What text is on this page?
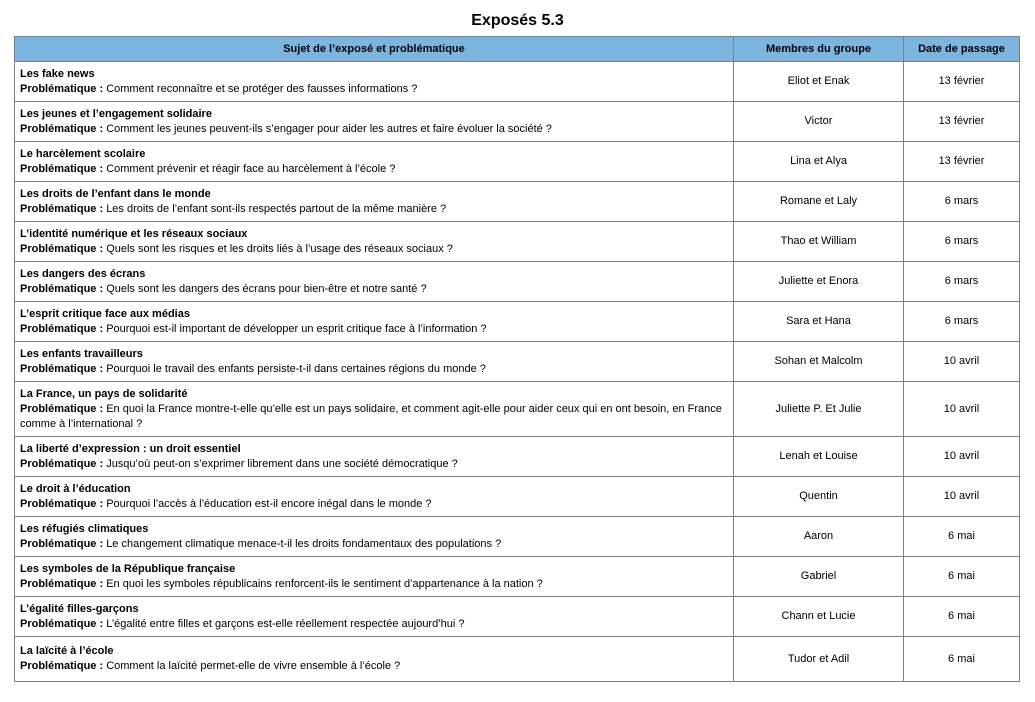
Exposés 5.3
Sujet de l’exposé et problématique	Membres du groupe	Date de passage

Les fake news
Problématique : Comment reconnaître et se protéger des fausses informations ?	Eliot et Enak	13 février

Les jeunes et l’engagement solidaire
Problématique : Comment les jeunes peuvent-ils s’engager pour aider les autres et faire évoluer la société ?	Victor	13 février

Le harcèlement scolaire
Problématique : Comment prévenir et réagir face au harcèlement à l’école ?	Lina et Alya	13 février

Les droits de l’enfant dans le monde
Problématique : Les droits de l’enfant sont-ils respectés partout de la même manière ?	Romane et Laly	6 mars

L’identité numérique et les réseaux sociaux
Problématique : Quels sont les risques et les droits liés à l’usage des réseaux sociaux ?	Thao et William	6 mars

Les dangers des écrans
Problématique : Quels sont les dangers des écrans pour bien-être et notre santé ?	Juliette et Enora	6 mars

L’esprit critique face aux médias
Problématique : Pourquoi est-il important de développer un esprit critique face à l’information ?	Sara et Hana	6 mars

Les enfants travailleurs
Problématique : Pourquoi le travail des enfants persiste-t-il dans certaines régions du monde ?	Sohan et Malcolm	10 avril

La France, un pays de solidarité
Problématique : En quoi la France montre-t-elle qu’elle est un pays solidaire, et comment agit-elle pour aider ceux qui en ont besoin, en France comme à l’international ?	Juliette P. Et Julie	10 avril

La liberté d’expression : un droit essentiel
Problématique : Jusqu’où peut-on s’exprimer librement dans une société démocratique ?	Lenah et Louise	10 avril

Le droit à l’éducation
Problématique : Pourquoi l’accès à l’éducation est-il encore inégal dans le monde ?	Quentin	10 avril

Les réfugiés climatiques
Problématique : Le changement climatique menace-t-il les droits fondamentaux des populations ?	Aaron	6 mai

Les symboles de la République française
Problématique : En quoi les symboles républicains renforcent-ils le sentiment d’appartenance à la nation ?	Gabriel	6 mai

L’égalité filles-garçons
Problématique : L’égalité entre filles et garçons est-elle réellement respectée aujourd’hui ?	Chann et Lucie	6 mai

La laïcité à l’école
Problématique : Comment la laïcité permet-elle de vivre ensemble à l’école ?	Tudor et Adil	6 mai
